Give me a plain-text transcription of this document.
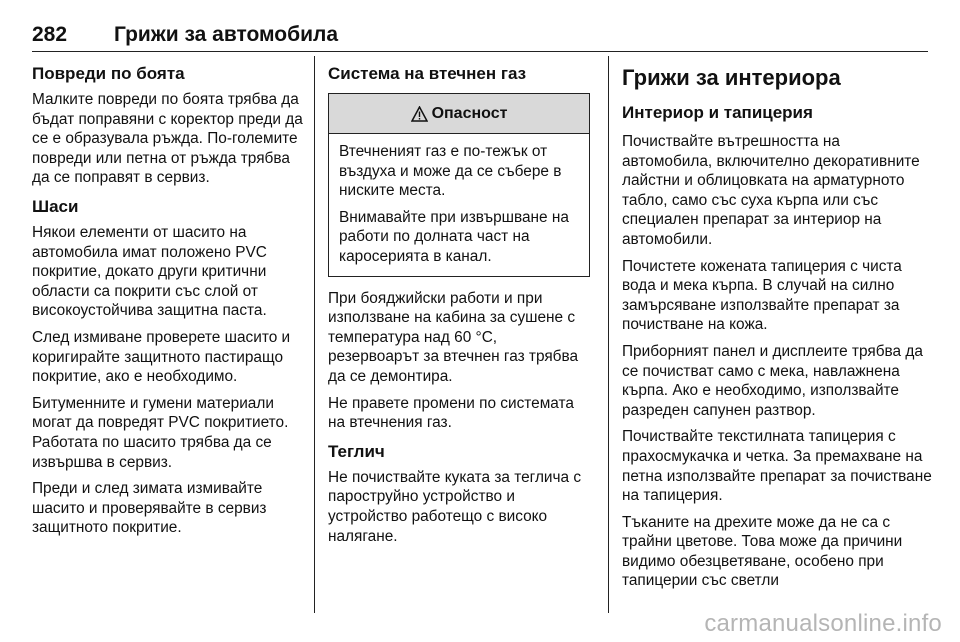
282 Грижи за автомобила
Повреди по боята

Малките повреди по боята трябва да бъдат поправяни с коректор преди да се е образувала ръжда. По-големите повреди или петна от ръжда трябва да се поправят в сервиз.

Шаси

Някои елементи от шасито на автомобила имат положено PVC покритие, докато други критични области са покрити със слой от високоустойчива защитна паста.

След измиване проверете шасито и коригирайте защитното пастиращо покритие, ако е необходимо.

Битуменните и гумени материали могат да повредят PVC покритието. Работата по шасито трябва да се извършва в сервиз.

Преди и след зимата измивайте шасито и проверявайте в сервиз защитното покритие.

Система на втечнен газ
Опасност

Втечненият газ е по-тежък от въздуха и може да се събере в ниските места.

Внимавайте при извършване на работи по долната част на каросерията в канал.

При бояджийски работи и при използване на кабина за сушене с температура над 60 °C, резервоарът за втечнен газ трябва да се демонтира.

Не правете промени по системата на втечнения газ.

Теглич

Не почиствайте куката за теглича с пароструйно устройство и устройство работещо с високо налягане.

Грижи за интериора
Интериор и тапицерия

Почиствайте вътрешността на автомобила, включително декоративните лайстни и облицовката на арматурното табло, само със суха кърпа или със специален препарат за интериор на автомобили.

Почистете кожената тапицерия с чиста вода и мека кърпа. В случай на силно замърсяване използвайте препарат за почистване на кожа.

Приборният панел и дисплеите трябва да се почистват само с мека, навлажнена кърпа. Ако е необходимо, използвайте разреден сапунен разтвор.

Почиствайте текстилната тапицерия с прахосмукачка и четка. За премахване на петна използвайте препарат за почистване на тапицерия.

Тъканите на дрехите може да не са с трайни цветове. Това може да причини видимо обезцветяване, особено при тапицерии със светли

carmanualsonline.info
